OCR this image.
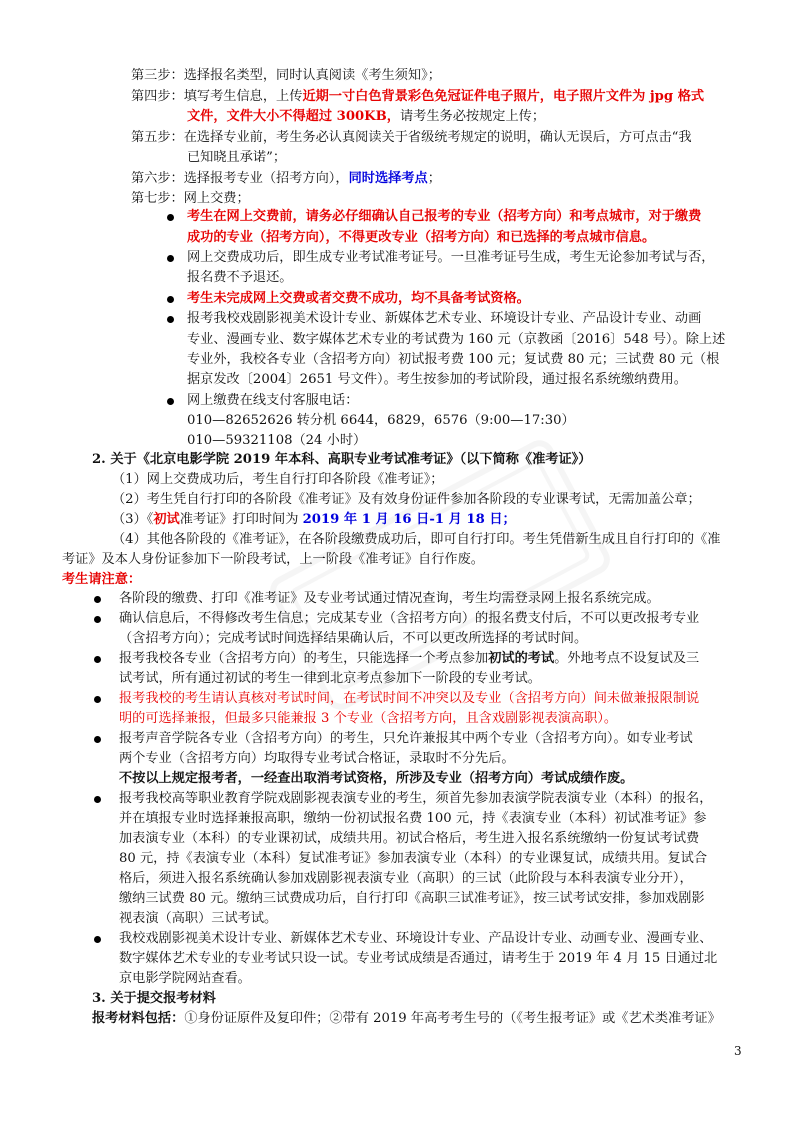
第三步：选择报名类型，同时认真阅读《考生须知》；
第四步：填写考生信息，上传近期一寸白色背景彩色免冠证件电子照片，电子照片文件为 jpg 格式
文件，文件大小不得超过 300KB，请考生务必按规定上传；
第五步：在选择专业前，考生务必认真阅读关于省级统考规定的说明，确认无误后，方可点击“我
已知晓且承诺”；
第六步：选择报考专业（招考方向），同时选择考点；
第七步：网上交费；
考生在网上交费前，请务必仔细确认自己报考的专业（招考方向）和考点城市，对于缴费
成功的专业（招考方向），不得更改专业（招考方向）和已选择的考点城市信息。
网上交费成功后，即生成专业考试准考证号。一旦准考证号生成，考生无论参加考试与否，
报名费不予退还。
考生未完成网上交费或者交费不成功，均不具备考试资格。
报考我校戏剧影视美术设计专业、新媒体艺术专业、环境设计专业、产品设计专业、动画
专业、漫画专业、数字媒体艺术专业的考试费为 160 元（京教函〔2016〕548 号）。除上述
专业外，我校各专业（含招考方向）初试报考费 100 元；复试费 80 元；三试费 80 元（根
据京发改〔2004〕2651 号文件）。考生按参加的考试阶段，通过报名系统缴纳费用。
网上缴费在线支付客服电话：
010—82652626 转分机 6644，6829，6576（9:00—17:30）
010—59321108（24 小时）
2. 关于《北京电影学院 2019 年本科、高职专业考试准考证》（以下简称《准考证》）
（1）网上交费成功后，考生自行打印各阶段《准考证》；
（2）考生凭自行打印的各阶段《准考证》及有效身份证件参加各阶段的专业课考试，无需加盖公章；
（3）《初试准考证》打印时间为 2019 年 1 月 16 日-1 月 18 日；
（4）其他各阶段的《准考证》，在各阶段缴费成功后，即可自行打印。考生凭借新生成且自行打印的《准
考证》及本人身份证参加下一阶段考试，上一阶段《准考证》自行作废。
考生请注意：
各阶段的缴费、打印《准考证》及专业考试通过情况查询，考生均需登录网上报名系统完成。
确认信息后，不得修改考生信息；完成某专业（含招考方向）的报名费支付后，不可以更改报考专业
（含招考方向）；完成考试时间选择结果确认后，不可以更改所选择的考试时间。
报考我校各专业（含招考方向）的考生，只能选择一个考点参加初试的考试。外地考点不设复试及三
试考试，所有通过初试的考生一律到北京考点参加下一阶段的专业考试。
报考我校的考生请认真核对考试时间，在考试时间不冲突以及专业（含招考方向）间未做兼报限制说
明的可选择兼报，但最多只能兼报 3 个专业（含招考方向，且含戏剧影视表演高职）。
报考声音学院各专业（含招考方向）的考生，只允许兼报其中两个专业（含招考方向）。如专业考试
两个专业（含招考方向）均取得专业考试合格证，录取时不分先后。
不按以上规定报考者，一经查出取消考试资格，所涉及专业（招考方向）考试成绩作废。
报考我校高等职业教育学院戏剧影视表演专业的考生，须首先参加表演学院表演专业（本科）的报名，
并在填报专业时选择兼报高职，缴纳一份初试报名费 100 元，持《表演专业（本科）初试准考证》参
加表演专业（本科）的专业课初试，成绩共用。初试合格后，考生进入报名系统缴纳一份复试考试费
80 元，持《表演专业（本科）复试准考证》参加表演专业（本科）的专业课复试，成绩共用。复试合
格后，须进入报名系统确认参加戏剧影视表演专业（高职）的三试（此阶段与本科表演专业分开），
缴纳三试费 80 元。缴纳三试费成功后，自行打印《高职三试准考证》，按三试考试安排，参加戏剧影
视表演（高职）三试考试。
我校戏剧影视美术设计专业、新媒体艺术专业、环境设计专业、产品设计专业、动画专业、漫画专业、
数字媒体艺术专业的专业考试只设一试。专业考试成绩是否通过，请考生于 2019 年 4 月 15 日通过北
京电影学院网站查看。
3. 关于提交报考材料
报考材料包括：①身份证原件及复印件；②带有 2019 年高考考生号的（《考生报考证》或《艺术类准考证》
3
